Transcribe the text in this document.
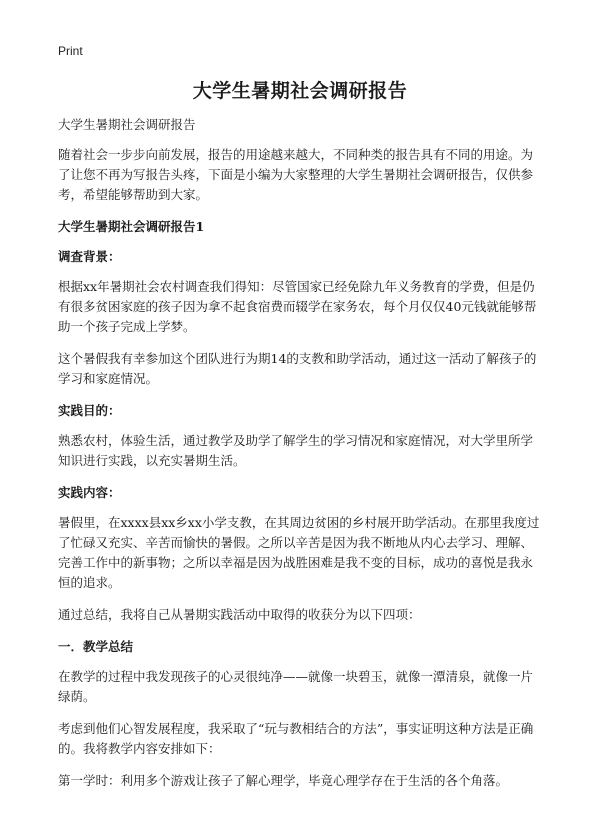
Print
大学生暑期社会调研报告
大学生暑期社会调研报告

随着社会一步步向前发展，报告的用途越来越大，不同种类的报告具有不同的用途。为了让您不再为写报告头疼，下面是小编为大家整理的大学生暑期社会调研报告，仅供参考，希望能够帮助到大家。

大学生暑期社会调研报告1
调查背景：

根据xx年暑期社会农村调查我们得知：尽管国家已经免除九年义务教育的学费，但是仍有很多贫困家庭的孩子因为拿不起食宿费而辍学在家务农，每个月仅仅40元钱就能够帮助一个孩子完成上学梦。

这个暑假我有幸参加这个团队进行为期14的支教和助学活动，通过这一活动了解孩子的学习和家庭情况。

实践目的：

熟悉农村，体验生活，通过教学及助学了解学生的学习情况和家庭情况，对大学里所学知识进行实践，以充实暑期生活。

实践内容：

暑假里，在xxxx县xx乡xx小学支教，在其周边贫困的乡村展开助学活动。在那里我度过了忙碌又充实、辛苦而愉快的暑假。之所以辛苦是因为我不断地从内心去学习、理解、完善工作中的新事物；之所以幸福是因为战胜困难是我不变的目标，成功的喜悦是我永恒的追求。

通过总结，我将自己从暑期实践活动中取得的收获分为以下四项：

一．教学总结

在教学的过程中我发现孩子的心灵很纯净——就像一块碧玉，就像一潭清泉，就像一片绿荫。

考虑到他们心智发展程度，我采取了“玩与教相结合的方法”，事实证明这种方法是正确的。我将教学内容安排如下：

第一学时：利用多个游戏让孩子了解心理学，毕竟心理学存在于生活的各个角落。
